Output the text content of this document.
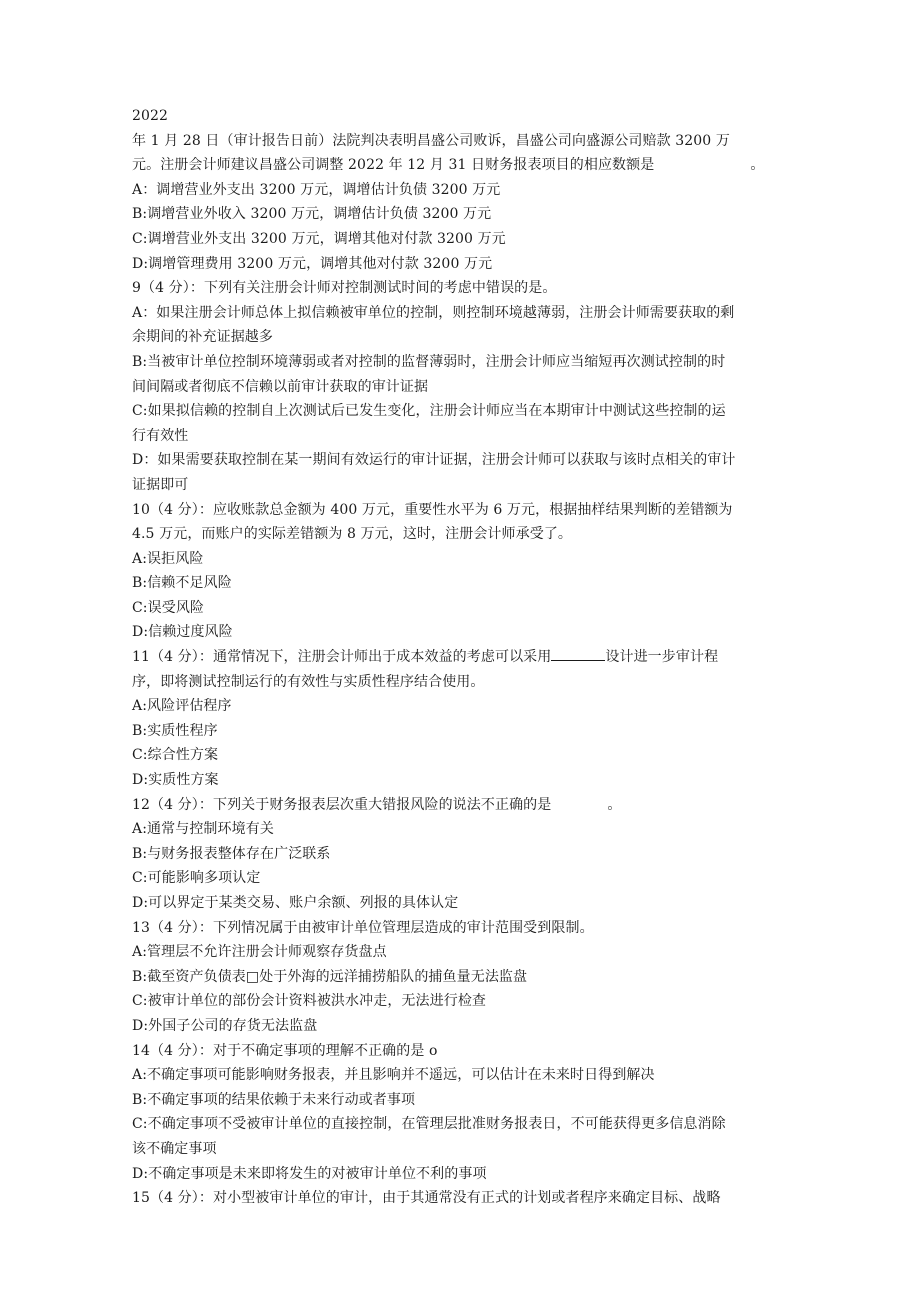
2022
年 1 月 28 日（审计报告日前）法院判决表明昌盛公司败诉，昌盛公司向盛源公司赔款 3200 万
元。注册会计师建议昌盛公司调整 2022 年 12 月 31 日财务报表项目的相应数额是	。
A：调增营业外支出 3200 万元，调增估计负债 3200 万元
B:调增营业外收入 3200 万元，调增估计负债 3200 万元
C:调增营业外支出 3200 万元，调增其他对付款 3200 万元
D:调增管理费用 3200 万元，调增其他对付款 3200 万元
9（4 分）：下列有关注册会计师对控制测试时间的考虑中错误的是。
A：如果注册会计师总体上拟信赖被审单位的控制，则控制环境越薄弱，注册会计师需要获取的剩
余期间的补充证据越多
B:当被审计单位控制环境薄弱或者对控制的监督薄弱时，注册会计师应当缩短再次测试控制的时
间间隔或者彻底不信赖以前审计获取的审计证据
C:如果拟信赖的控制自上次测试后已发生变化，注册会计师应当在本期审计中测试这些控制的运
行有效性
D：如果需要获取控制在某一期间有效运行的审计证据，注册会计师可以获取与该时点相关的审计
证据即可
10（4 分）：应收账款总金额为 400 万元，重要性水平为 6 万元，根据抽样结果判断的差错额为
4.5 万元，而账户的实际差错额为 8 万元，这时，注册会计师承受了。
A:误拒风险
B:信赖不足风险
C:误受风险
D:信赖过度风险
11（4 分）：通常情况下，注册会计师出于成本效益的考虑可以采用	设计进一步审计程
序，即将测试控制运行的有效性与实质性程序结合使用。
A:风险评估程序
B:实质性程序
C:综合性方案
D:实质性方案
12（4 分）：下列关于财务报表层次重大错报风险的说法不正确的是	。
A:通常与控制环境有关
B:与财务报表整体存在广泛联系
C:可能影响多项认定
D:可以界定于某类交易、账户余额、列报的具体认定
13（4 分）：下列情况属于由被审计单位管理层造成的审计范围受到限制。
A:管理层不允许注册会计师观察存货盘点
B:截至资产负债表□处于外海的远洋捕捞船队的捕鱼量无法监盘
C:被审计单位的部份会计资料被洪水冲走，无法进行检查
D:外国子公司的存货无法监盘
14（4 分）：对于不确定事项的理解不正确的是 o
A:不确定事项可能影响财务报表，并且影响并不遥远，可以估计在未来时日得到解决
B:不确定事项的结果依赖于未来行动或者事项
C:不确定事项不受被审计单位的直接控制，在管理层批准财务报表日，不可能获得更多信息消除
该不确定事项
D:不确定事项是未来即将发生的对被审计单位不利的事项
15（4 分）：对小型被审计单位的审计，由于其通常没有正式的计划或者程序来确定目标、战略
